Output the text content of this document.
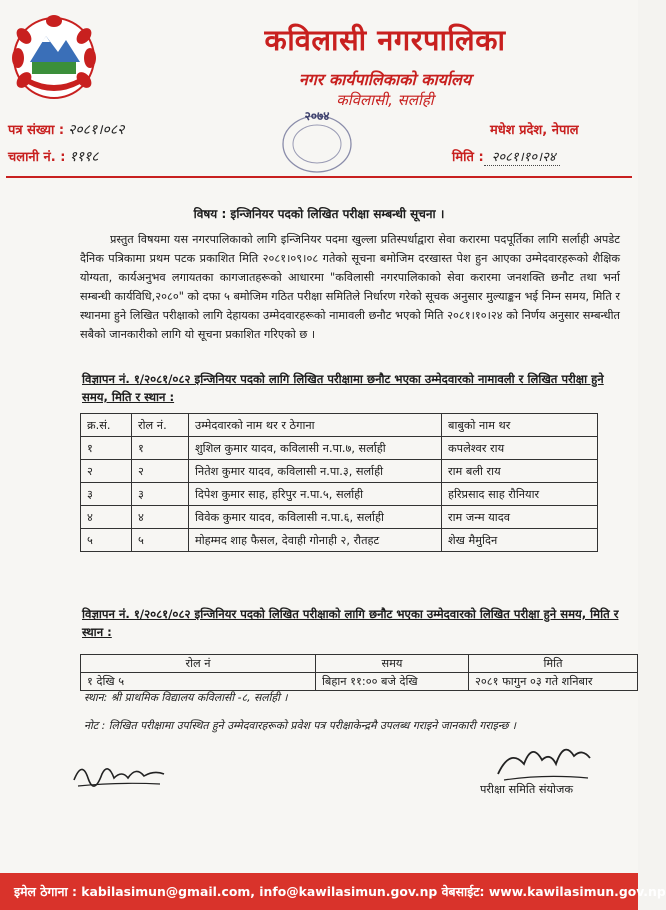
कविलासी नगरपालिका
नगर कार्यपालिकाको कार्यालय
कविलासी, सर्लाही
पत्र संख्या : २०८१।०८२
चलानी नं. : १११८
२०७४
मधेश प्रदेश, नेपाल
मिति : २०८१।१०।२४
विषय : इन्जिनियर पदको लिखित परीक्षा सम्बन्धी सूचना ।
प्रस्तुत विषयमा यस नगरपालिकाको लागि इन्जिनियर पदमा खुल्ला प्रतिस्पर्धाद्वारा सेवा करारमा पदपूर्तिका लागि सर्लाही अपडेट दैनिक पत्रिकामा प्रथम पटक प्रकाशित मिति २०८१।०९।०८ गतेको सूचना बमोजिम दरखास्त पेश हुन आएका उम्मेदवारहरूको शैक्षिक योग्यता, कार्यअनुभव लगायतका कागजातहरूको आधारमा "कविलासी नगरपालिकाको सेवा करारमा जनशक्ति छनौट तथा भर्ना सम्बन्धी कार्यविधि,२०८०" को दफा ५ बमोजिम गठित परीक्षा समितिले निर्धारण गरेको सूचक अनुसार मुल्याङ्कन भई निम्न समय, मिति र स्थानमा हुने लिखित परीक्षाको लागि देहायका उम्मेदवारहरूको नामावली छनौट भएको मिति २०८१।१०।२४ को निर्णय अनुसार सम्बन्धीत सबैको जानकारीको लागि यो सूचना प्रकाशित गरिएको छ ।
विज्ञापन नं. १/२०८१/०८२ इन्जिनियर पदको लागि लिखित परीक्षामा छनौट भएका उम्मेदवारको नामावली र लिखित परीक्षा हुने समय, मिति र स्थान :
क्र.सं.	रोल नं.	उम्मेदवारको नाम थर र ठेगाना	बाबुको नाम थर
१	१	शुशिल कुमार यादव, कविलासी न.पा.७, सर्लाही	कपलेश्वर राय
२	२	नितेश कुमार यादव, कविलासी न.पा.३, सर्लाही	राम बली राय
३	३	दिपेश कुमार साह, हरिपुर न.पा.५, सर्लाही	हरिप्रसाद साह रौनियार
४	४	विवेक कुमार यादव, कविलासी न.पा.६, सर्लाही	राम जन्म यादव
५	५	मोहम्मद शाह फैसल, देवाही गोनाही २, रौतहट	शेख मैमुदिन
विज्ञापन नं. १/२०८१/०८२ इन्जिनियर पदको लिखित परीक्षाको लागि छनौट भएका उम्मेदवारको लिखित परीक्षा हुने समय, मिति र स्थान :
रोल नं	समय	मिति
१ देखि ५	बिहान ११:०० बजे देखि	२०८१ फागुन ०३ गते शनिबार
स्थान: श्री प्राथमिक विद्यालय कविलासी -८, सर्लाही ।
नोट : लिखित परीक्षामा उपस्थित हुने उम्मेदवारहरूको प्रवेश पत्र परीक्षाकेन्द्रमै उपलब्ध गराइने जानकारी गराइन्छ ।
परीक्षा समिति संयोजक
इमेल ठेगाना : kabilasimun@gmail.com, info@kawilasimun.gov.np वेबसाईट: www.kawilasimun.gov.np
